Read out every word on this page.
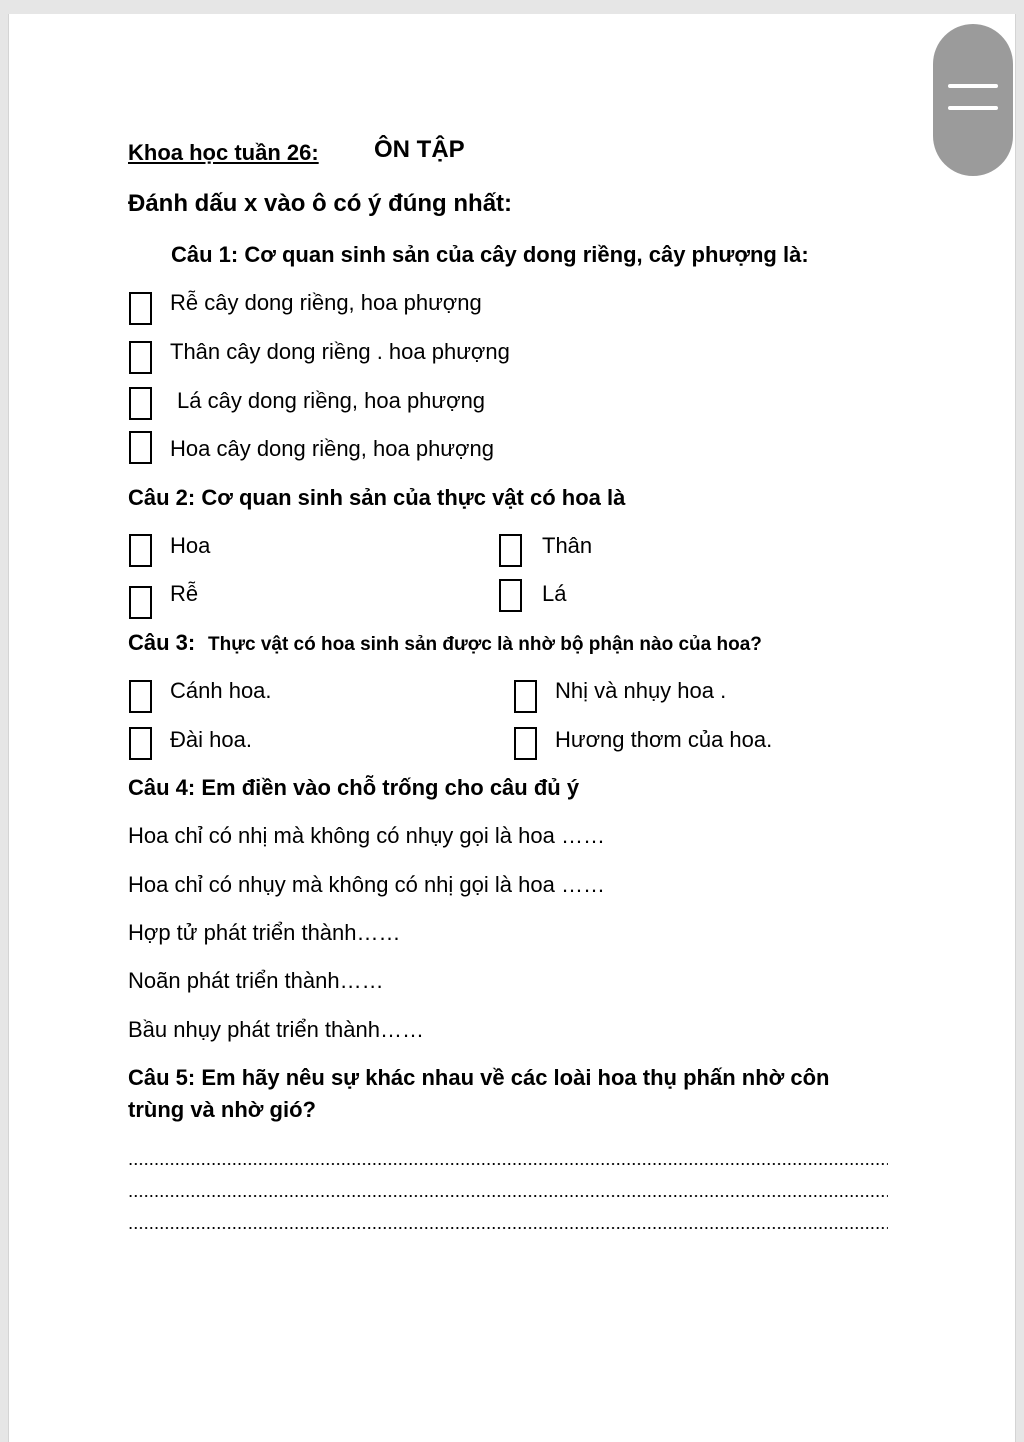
Khoa học tuần 26: ÔN TẬP
Đánh dấu x vào ô có ý đúng nhất:
Câu 1: Cơ quan sinh sản của cây dong riềng, cây phượng là:
Rễ cây dong riềng, hoa phượng
Thân cây dong riềng . hoa phượng
Lá cây dong riềng, hoa phượng
Hoa cây dong riềng, hoa phượng
Câu 2: Cơ quan sinh sản của thực vật có hoa là
Hoa	Thân
Rễ	Lá
Câu 3: Thực vật có hoa sinh sản được là nhờ bộ phận nào của hoa?
Cánh hoa.	Nhị và nhụy hoa .
Đài hoa.	Hương thơm của hoa.
Câu 4: Em điền vào chỗ trống cho câu đủ ý
Hoa chỉ có nhị mà không có nhụy gọi là hoa ……
Hoa chỉ có nhụy mà không có nhị gọi là hoa ……
Hợp tử phát triển thành……
Noãn phát triển thành……
Bầu nhụy phát triển thành……
Câu 5: Em hãy nêu sự khác nhau về các loài hoa thụ phấn nhờ côn
trùng và nhờ gió?
